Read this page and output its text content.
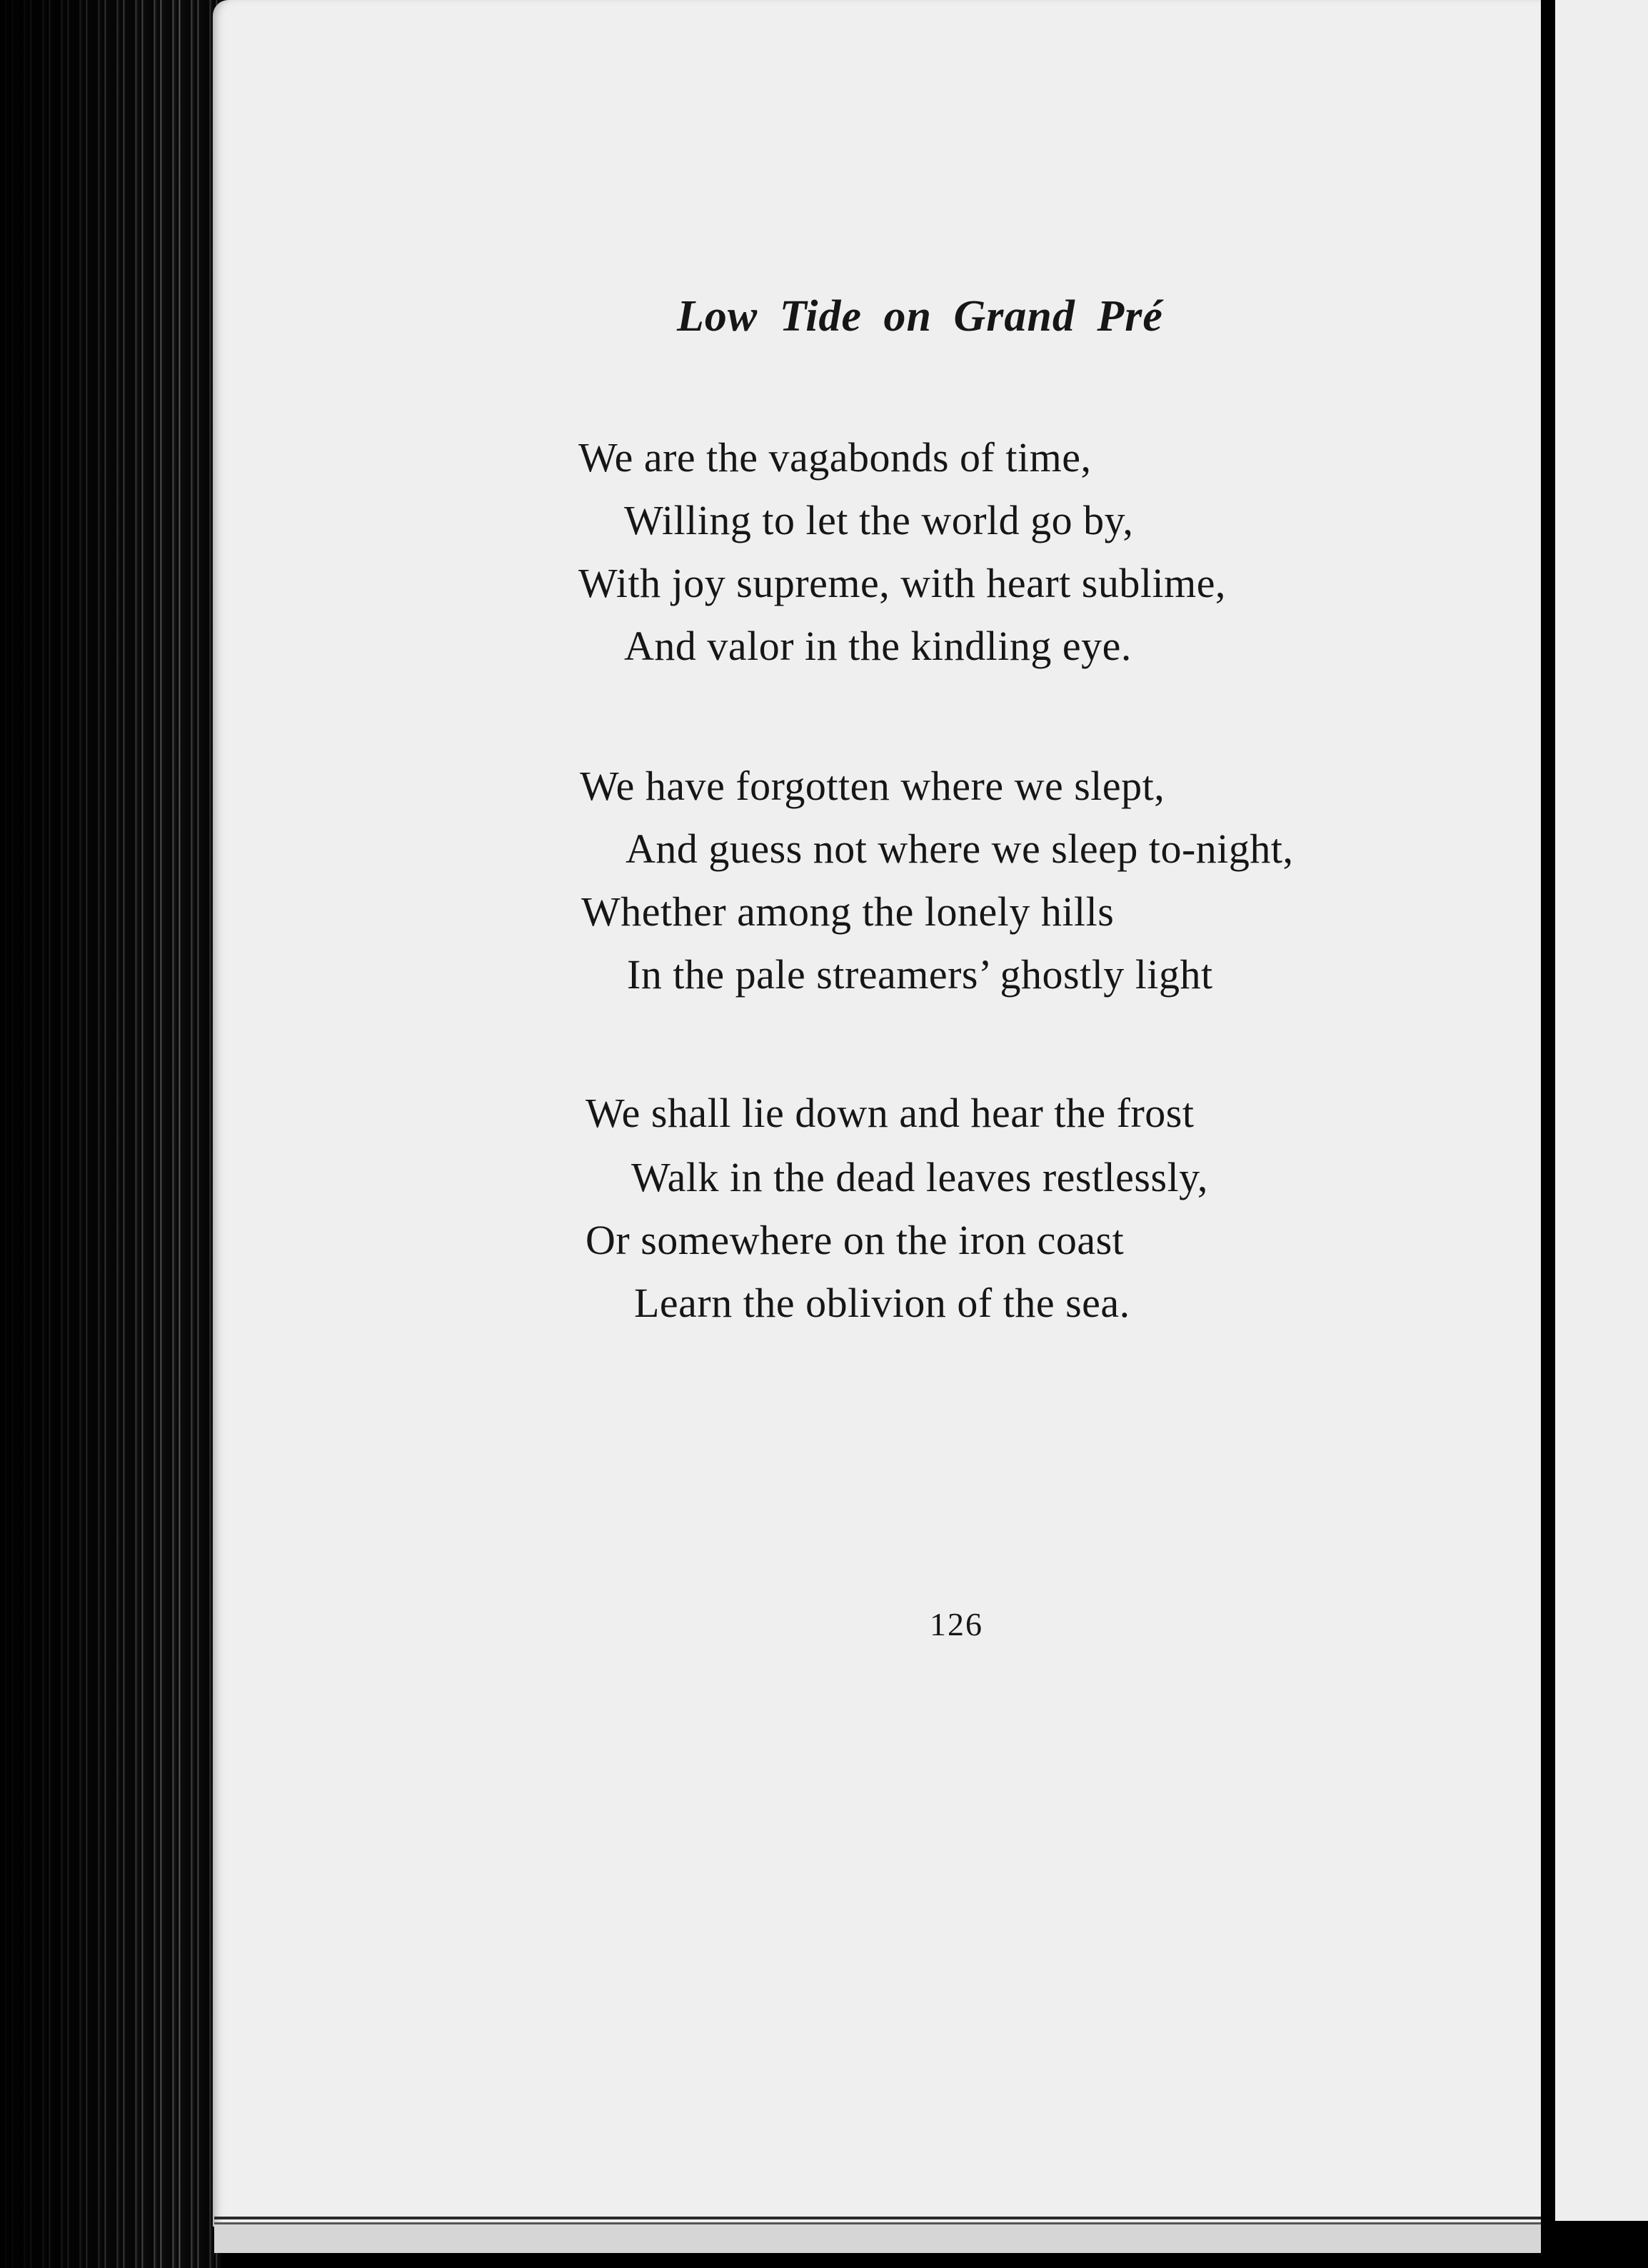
Low Tide on Grand Pré

We are the vagabonds of time,

Willing to let the world go by,

With joy supreme, with heart sublime,

And valor in the kindling eye.

We have forgotten where we slept,

And guess not where we sleep to-night,

Whether among the lonely hills

In the pale streamers’ ghostly light

We shall lie down and hear the frost

Walk in the dead leaves restlessly,

Or somewhere on the iron coast

Learn the oblivion of the sea.

126
